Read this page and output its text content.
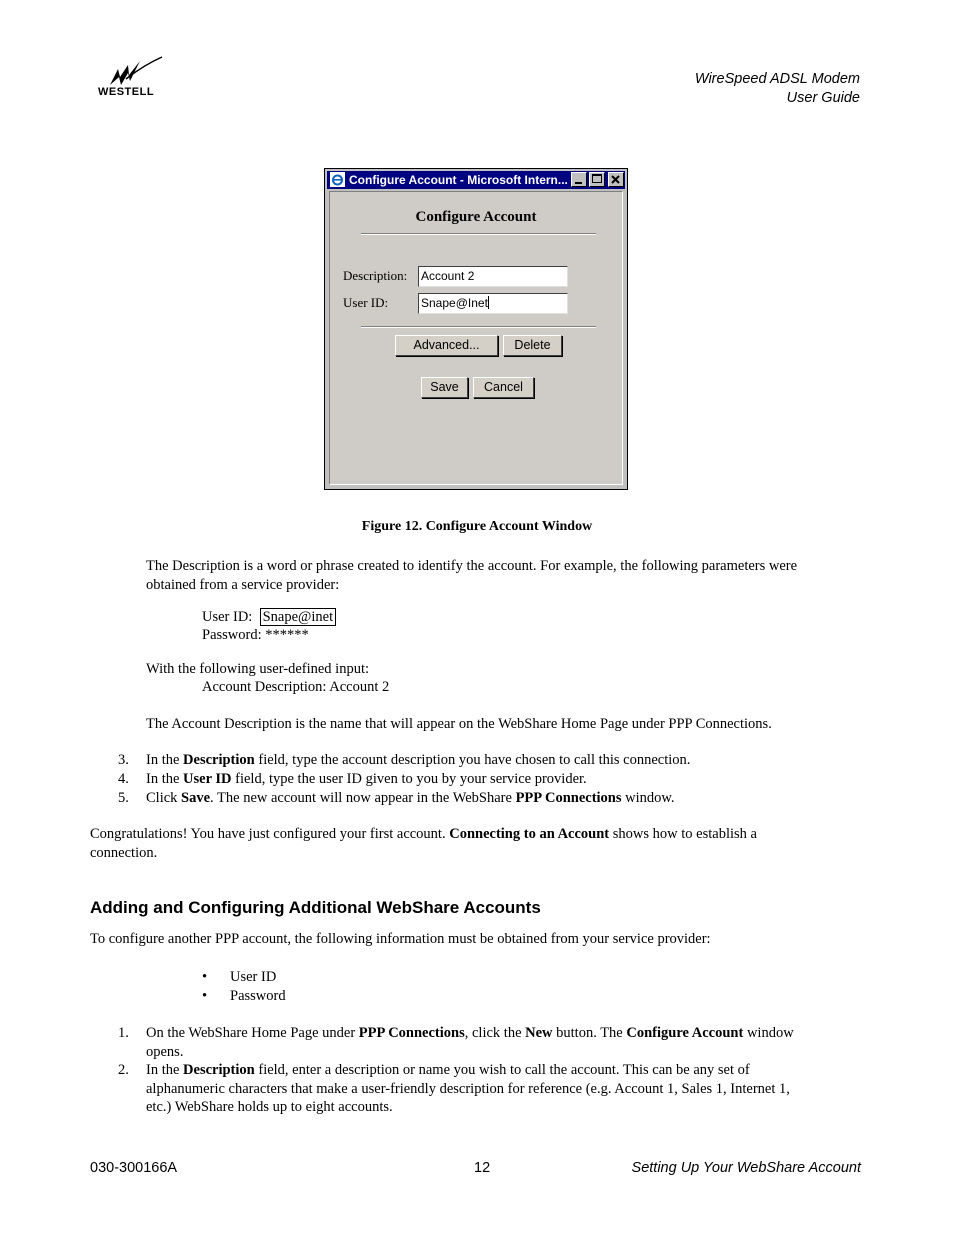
WESTELL
WireSpeed ADSL Modem
User Guide
Configure Account - Microsoft Intern...
Configure Account
Description: Account 2
User ID:	Snape@Inet
Advanced...	Delete
Save	Cancel
Figure 12. Configure Account Window
The Description is a word or phrase created to identify the account. For example, the following parameters were
obtained from a service provider:
User ID: Snape@inet
Password: ******
With the following user-defined input:
Account Description: Account 2
The Account Description is the name that will appear on the WebShare Home Page under PPP Connections.
3.	In the Description field, type the account description you have chosen to call this connection.
4.	In the User ID field, type the user ID given to you by your service provider.
5.	Click Save. The new account will now appear in the WebShare PPP Connections window.
Congratulations! You have just configured your first account. Connecting to an Account shows how to establish a
connection.
Adding and Configuring Additional WebShare Accounts
To configure another PPP account, the following information must be obtained from your service provider:
• User ID
• Password
1.	On the WebShare Home Page under PPP Connections, click the New button. The Configure Account window
opens.
2.	In the Description field, enter a description or name you wish to call the account. This can be any set of
alphanumeric characters that make a user-friendly description for reference (e.g. Account 1, Sales 1, Internet 1,
etc.) WebShare holds up to eight accounts.
030-300166A	12	Setting Up Your WebShare Account
